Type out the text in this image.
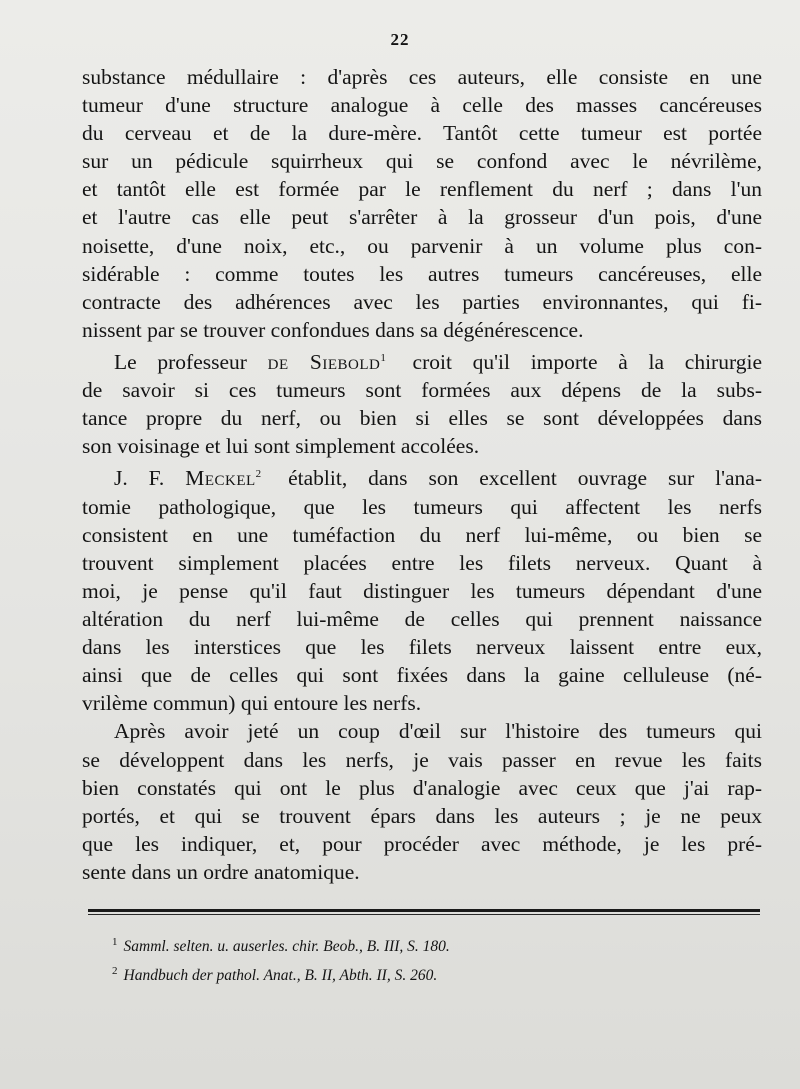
22
substance médullaire : d'après ces auteurs, elle consiste en une
tumeur d'une structure analogue à celle des masses cancéreuses
du cerveau et de la dure-mère. Tantôt cette tumeur est portée
sur un pédicule squirrheux qui se confond avec le névrilème,
et tantôt elle est formée par le renflement du nerf ; dans l'un
et l'autre cas elle peut s'arrêter à la grosseur d'un pois, d'une
noisette, d'une noix, etc., ou parvenir à un volume plus con-
sidérable : comme toutes les autres tumeurs cancéreuses, elle
contracte des adhérences avec les parties environnantes, qui fi-
nissent par se trouver confondues dans sa dégénérescence.
Le professeur de Siebold$^1$ croit qu'il importe à la chirurgie
de savoir si ces tumeurs sont formées aux dépens de la subs-
tance propre du nerf, ou bien si elles se sont développées dans
son voisinage et lui sont simplement accolées.
J. F. Meckel$^2$ établit, dans son excellent ouvrage sur l'ana-
tomie pathologique, que les tumeurs qui affectent les nerfs
consistent en une tuméfaction du nerf lui-même, ou bien se
trouvent simplement placées entre les filets nerveux. Quant à
moi, je pense qu'il faut distinguer les tumeurs dépendant d'une
altération du nerf lui-même de celles qui prennent naissance
dans les interstices que les filets nerveux laissent entre eux,
ainsi que de celles qui sont fixées dans la gaine celluleuse (né-
vrilème commun) qui entoure les nerfs.
Après avoir jeté un coup d'œil sur l'histoire des tumeurs qui
se développent dans les nerfs, je vais passer en revue les faits
bien constatés qui ont le plus d'analogie avec ceux que j'ai rap-
portés, et qui se trouvent épars dans les auteurs ; je ne peux
que les indiquer, et, pour procéder avec méthode, je les pré-
sente dans un ordre anatomique.
$^1$ Samml. selten. u. auserles. chir. Beob., B. III, S. 180.
$^2$ Handbuch der pathol. Anat., B. II, Abth. II, S. 260.
